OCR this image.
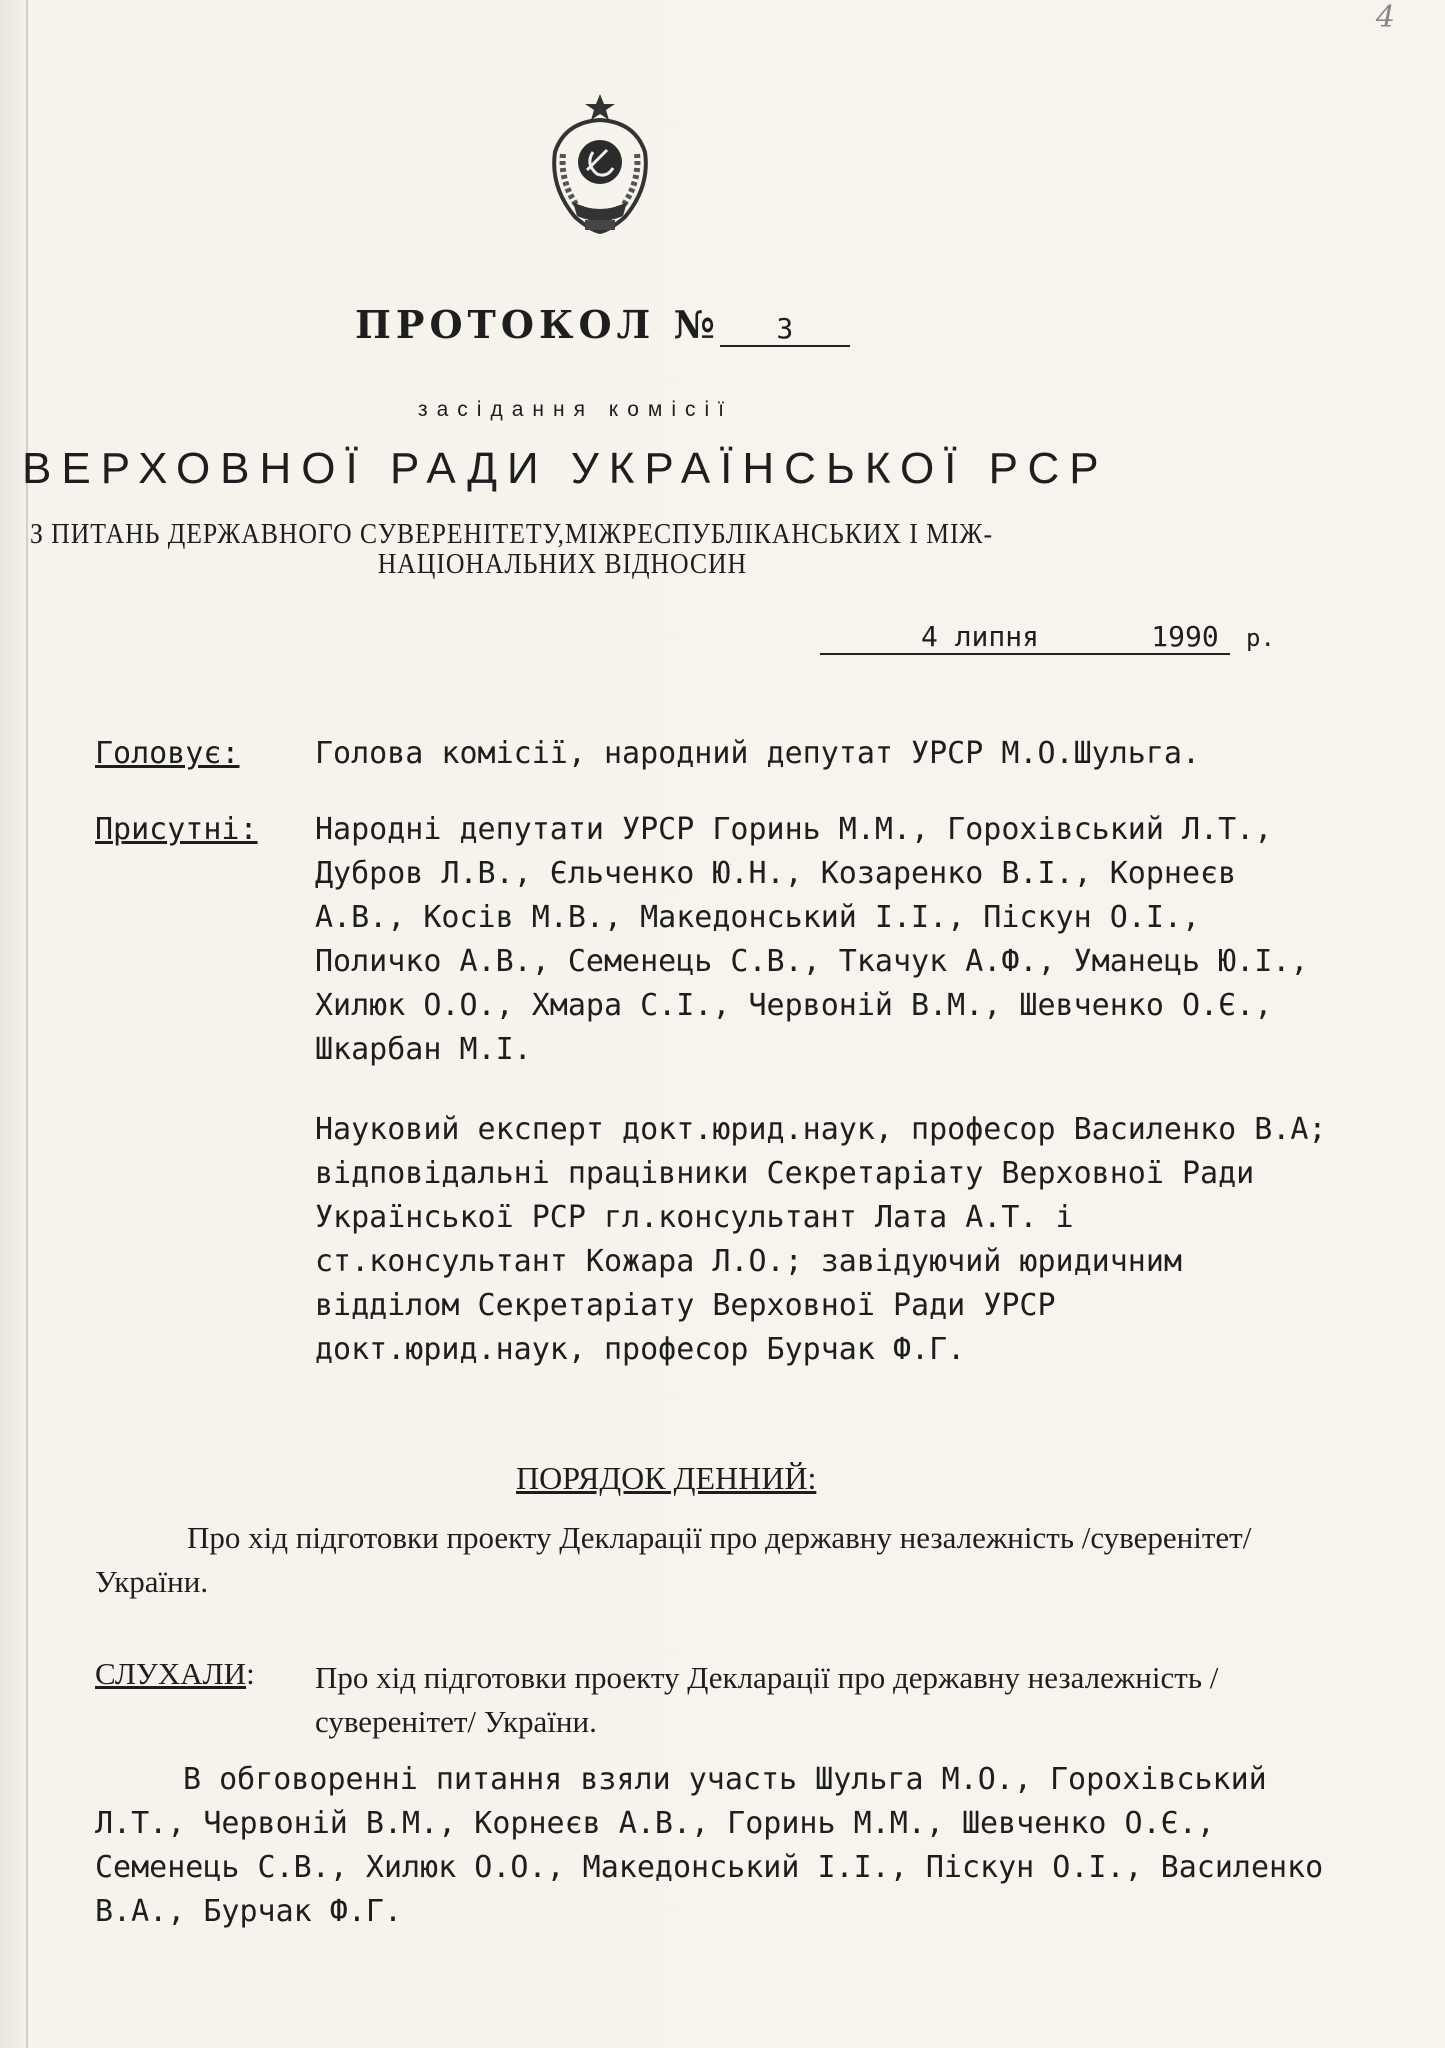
4
ПРОТОКОЛ № 3
засідання комісії
ВЕРХОВНОЇ РАДИ УКРАЇНСЬКОЇ РСР
З ПИТАНЬ ДЕРЖАВНОГО СУВЕРЕНІТЕТУ,МІЖРЕСПУБЛІКАНСЬКИХ І МІЖ-
НАЦІОНАЛЬНИХ ВІДНОСИН
4 липня	1990 р.
Головує:	Голова комісії, народний депутат УРСР М.О.Шульга.
Присутні:	Народні депутати УРСР Горинь М.М., Горохівський Л.Т., Дубров Л.В., Єльченко Ю.Н., Козаренко В.І., Корнеєв А.В., Косів М.В., Македонський І.І., Піскун О.І., Поличко А.В., Семенець С.В., Ткачук А.Ф., Уманець Ю.І., Хилюк О.О., Хмара С.І., Червоній В.М., Шевченко О.Є., Шкарбан М.І.
Науковий експерт докт.юрид.наук, професор Василенко В.А; відповідальні працівники Секретаріату Верховної Ради Української РСР гл.консультант Лата А.Т. і ст.консультант Кожара Л.О.; завідуючий юридичним відділом Секретаріату Верховної Ради УРСР докт.юрид.наук, професор Бурчак Ф.Г.
ПОРЯДОК ДЕННИЙ:
Про хід підготовки проекту Декларації про державну незалежність /суверенітет/ України.
СЛУХАЛИ: Про хід підготовки проекту Декларації про державну незалежність /суверенітет/ України.
В обговоренні питання взяли участь Шульга М.О., Горохівський Л.Т., Червоній В.М., Корнеєв А.В., Горинь М.М., Шевченко О.Є., Семенець С.В., Хилюк О.О., Македонський І.І., Піскун О.І., Василенко В.А., Бурчак Ф.Г.
